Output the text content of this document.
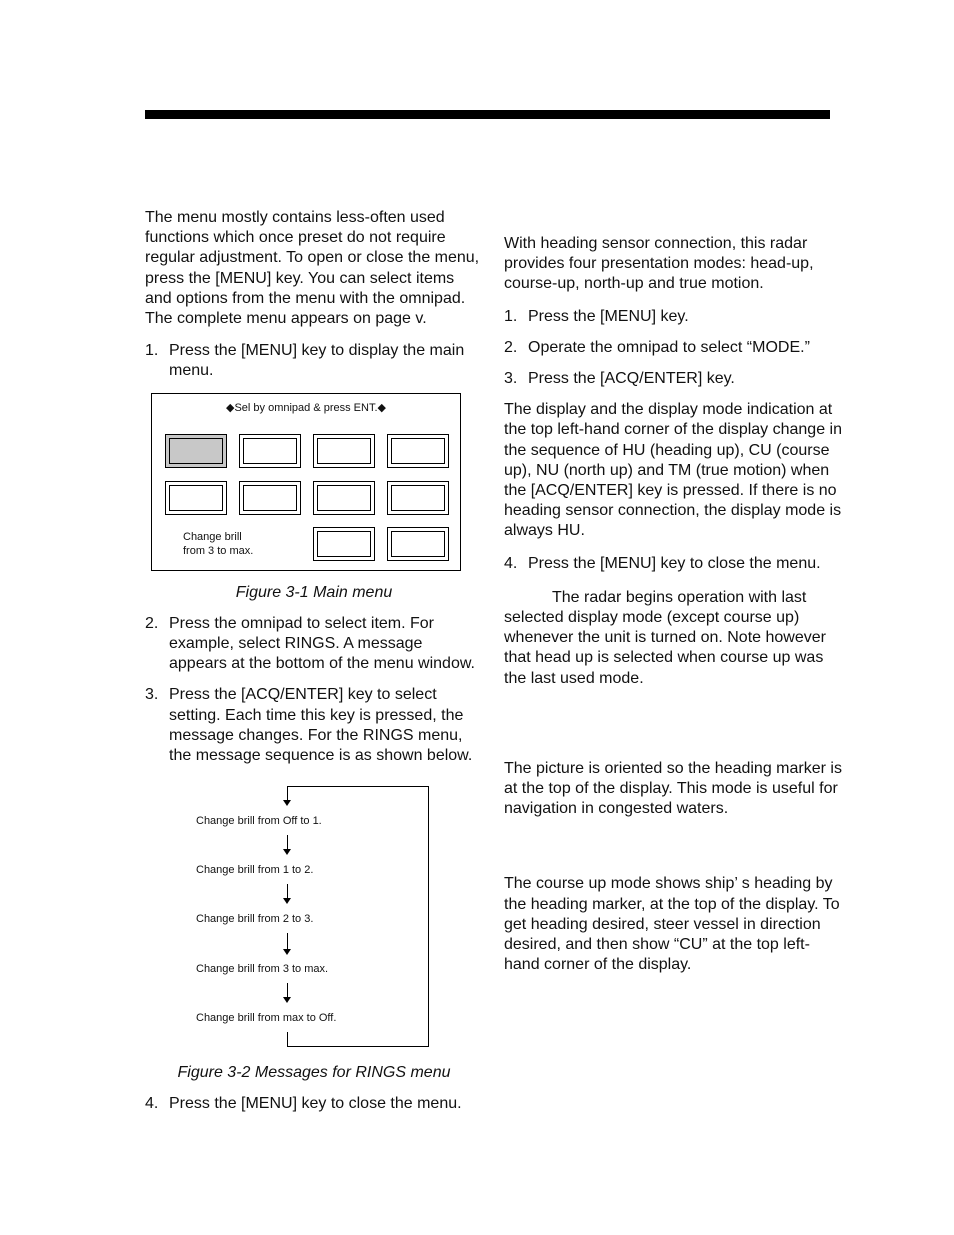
The menu mostly contains less-often used functions which once preset do not require regular adjustment. To open or close the menu, press the [MENU] key. You can select items and options from the menu with the omnipad. The complete menu appears on page v.

1. Press the [MENU] key to display the main menu.
◆Sel by omnipad & press ENT.◆
Change brill
from 3 to max.

Figure 3-1 Main menu

2. Press the omnipad to select item. For example, select RINGS. A message appears at the bottom of the menu window.
3. Press the [ACQ/ENTER] key to select setting. Each time this key is pressed, the message changes. For the RINGS menu, the message sequence is as shown below.
Change brill from Off to 1.
Change brill from 1 to 2.
Change brill from 2 to 3.
Change brill from 3 to max.
Change brill from max to Off.

Figure 3-2 Messages for RINGS menu

4. Press the [MENU] key to close the menu.

With heading sensor connection, this radar provides four presentation modes: head-up, course-up, north-up and true motion.

1. Press the [MENU] key.
2. Operate the omnipad to select “MODE.”
3. Press the [ACQ/ENTER] key.

The display and the display mode indication at the top left-hand corner of the display change in the sequence of HU (heading up), CU (course up), NU (north up) and TM (true motion) when the [ACQ/ENTER] key is pressed. If there is no heading sensor connection, the display mode is always HU.

4. Press the [MENU] key to close the menu.

The radar begins operation with last selected display mode (except course up) whenever the unit is turned on. Note however that head up is selected when course up was the last used mode.

The picture is oriented so the heading marker is at the top of the display. This mode is useful for navigation in congested waters.

The course up mode shows ship’ s heading by the heading marker, at the top of the display. To get heading desired, steer vessel in direction desired, and then show “CU” at the top left-hand corner of the display.
